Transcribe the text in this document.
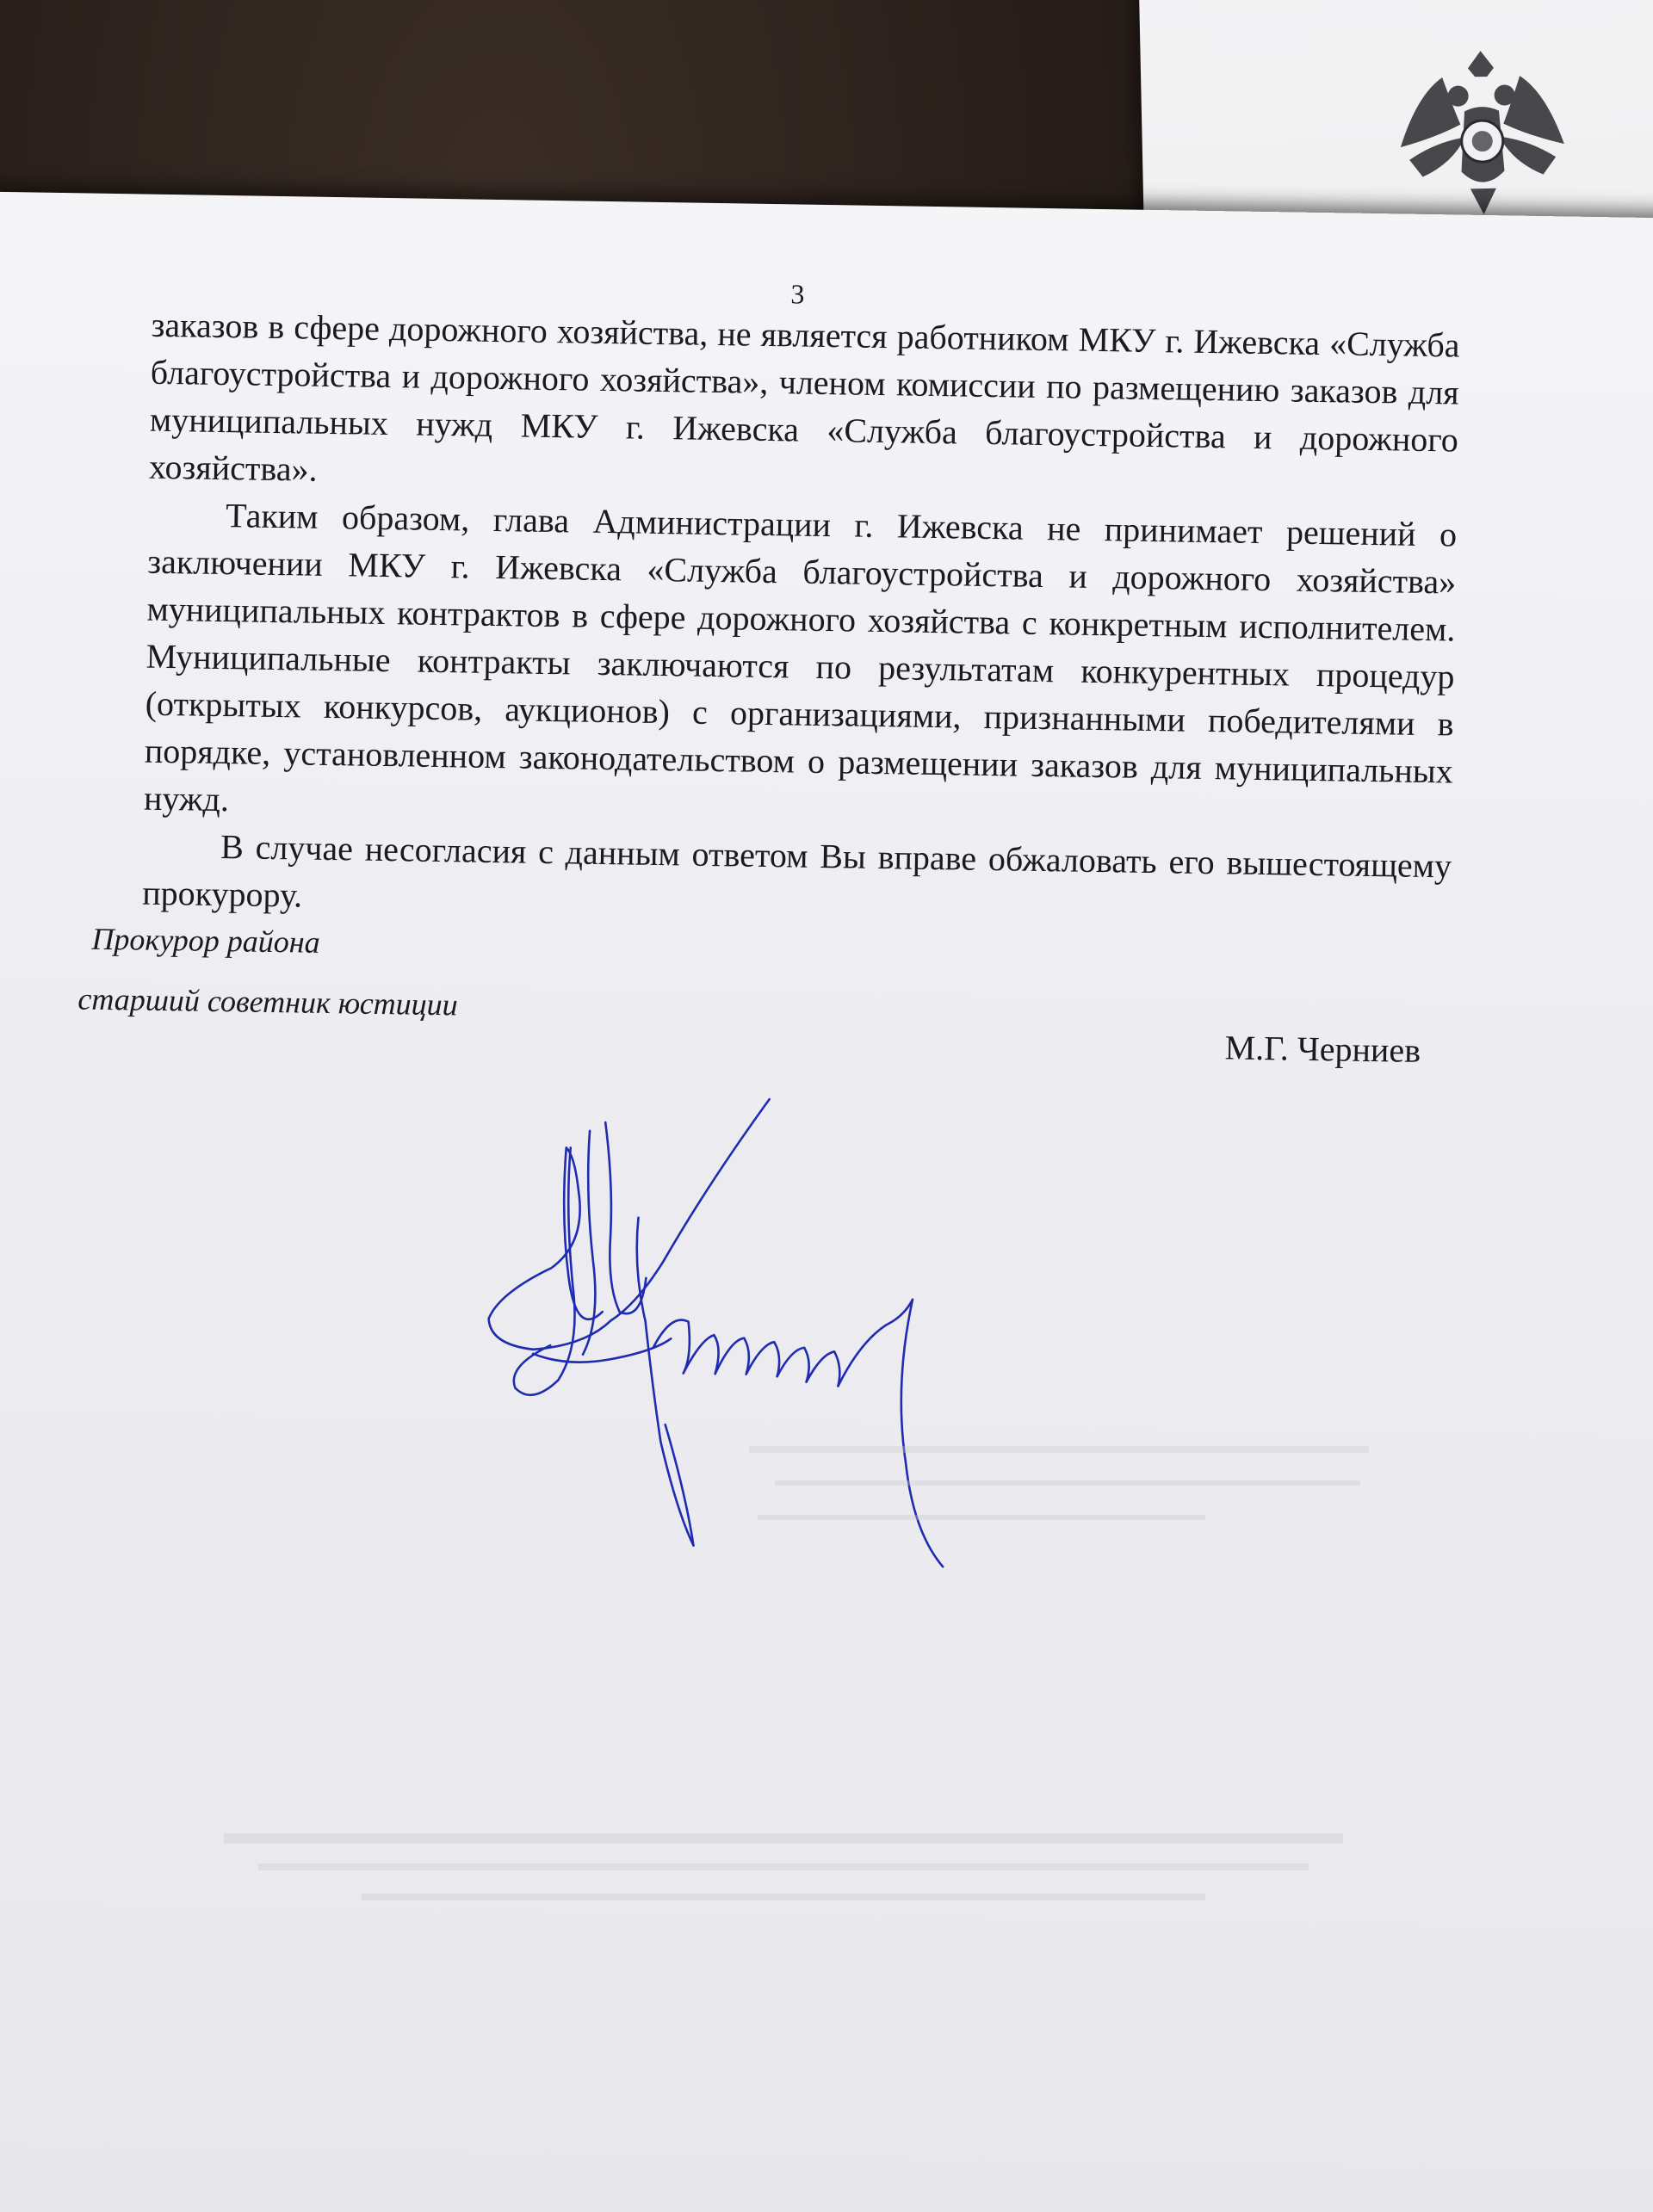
3

заказов в сфере дорожного хозяйства, не является работником МКУ г. Ижевска «Служба благоустройства и дорожного хозяйства», членом комиссии по размещению заказов для муниципальных нужд МКУ г. Ижевска «Служба благоустройства и дорожного хозяйства».

Таким образом, глава Администрации г. Ижевска не принимает решений о заключении МКУ г. Ижевска «Служба благоустройства и дорожного хозяйства» муниципальных контрактов в сфере дорожного хозяйства с конкретным исполнителем. Муниципальные контракты заключаются по результатам конкурентных процедур (открытых конкурсов, аукционов) с организациями, признанными победителями в порядке, установленном законодательством о размещении заказов для муниципальных нужд.

В случае несогласия с данным ответом Вы вправе обжаловать его вышестоящему прокурору.

Прокурор района
старший советник юстиции
М.Г. Черниев
